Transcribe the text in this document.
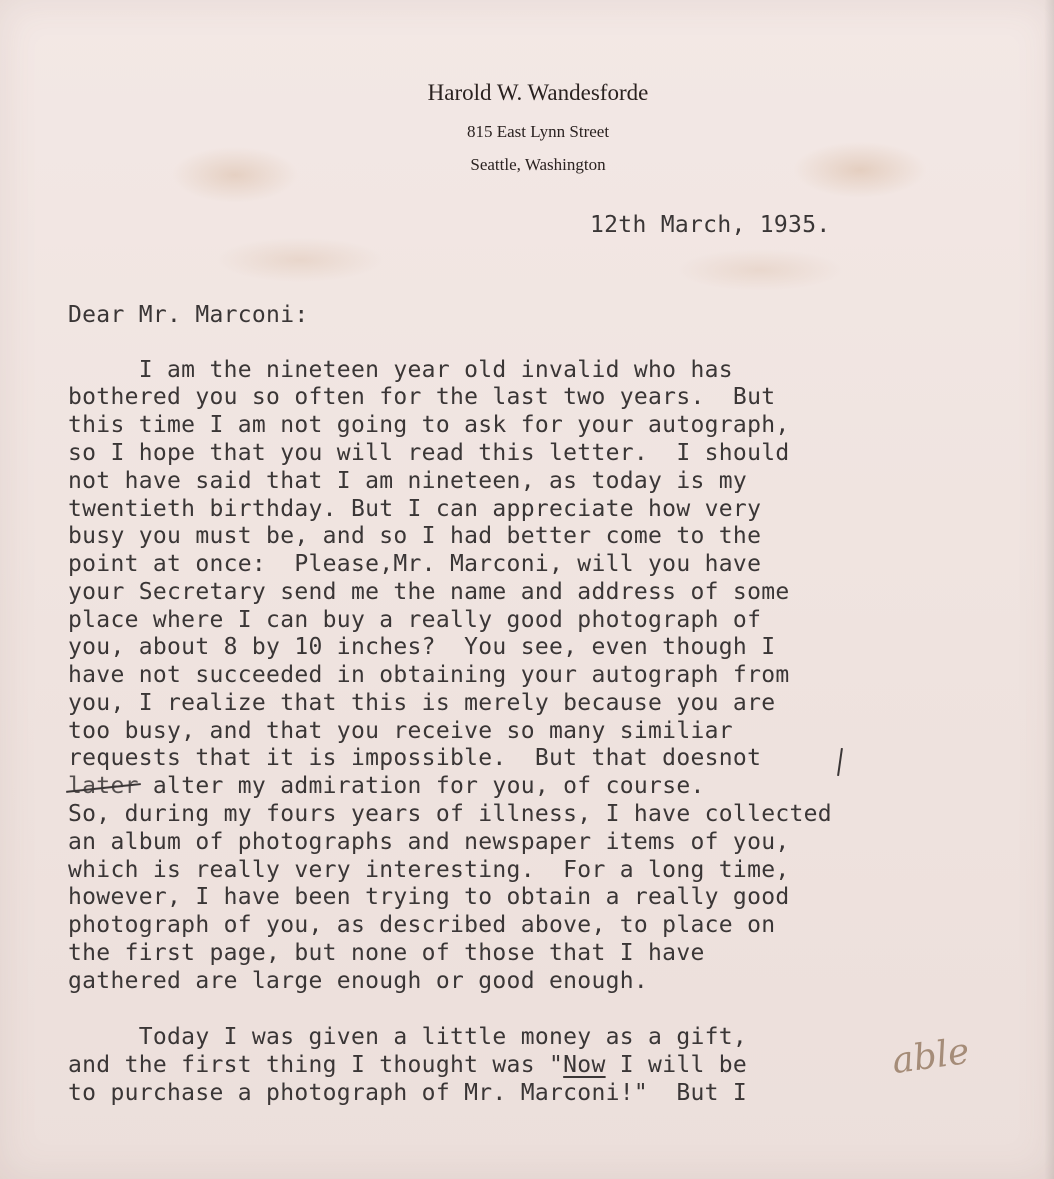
Harold W. Wandesforde
815 East Lynn Street
Seattle, Washington
12th March, 1935.
Dear Mr. Marconi:
I am the nineteen year old invalid who has
bothered you so often for the last two years.  But
this time I am not going to ask for your autograph,
so I hope that you will read this letter.  I should
not have said that I am nineteen, as today is my
twentieth birthday. But I can appreciate how very
busy you must be, and so I had better come to the
point at once:  Please,Mr. Marconi, will you have
your Secretary send me the name and address of some
place where I can buy a really good photograph of
you, about 8 by 10 inches?  You see, even though I
have not succeeded in obtaining your autograph from
you, I realize that this is merely because you are
too busy, and that you receive so many similiar
requests that it is impossible.  But that doesnot
later alter my admiration for you, of course.
So, during my fours years of illness, I have collected
an album of photographs and newspaper items of you,
which is really very interesting.  For a long time,
however, I have been trying to obtain a really good
photograph of you, as described above, to place on
the first page, but none of those that I have
gathered are large enough or good enough.
Today I was given a little money as a gift,
and the first thing I thought was "Now I will be
to purchase a photograph of Mr. Marconi!"  But I
able
